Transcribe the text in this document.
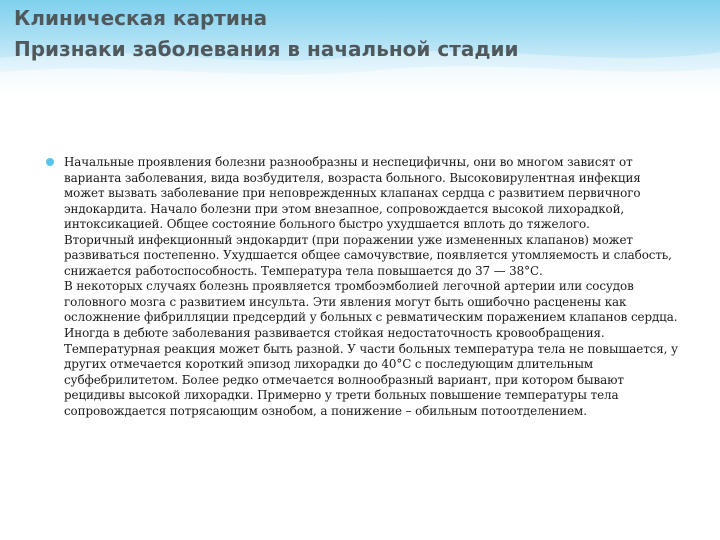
Клиническая картина
Признаки заболевания в начальной стадии

Начальные проявления болезни разнообразны и неспецифичны, они во многом зависят от варианта заболевания, вида возбудителя, возраста больного. Высоковирулентная инфекция может вызвать заболевание при неповрежденных клапанах сердца с развитием первичного эндокардита. Начало болезни при этом внезапное, сопровождается высокой лихорадкой, интоксикацией. Общее состояние больного быстро ухудшается вплоть до тяжелого.

Вторичный инфекционный эндокардит (при поражении уже измененных клапанов) может развиваться постепенно. Ухудшается общее самочувствие, появляется утомляемость и слабость, снижается работоспособность. Температура тела повышается до 37 — 38°С.

В некоторых случаях болезнь проявляется тромбоэмболией легочной артерии или сосудов головного мозга с развитием инсульта. Эти явления могут быть ошибочно расценены как осложнение фибрилляции предсердий у больных с ревматическим поражением клапанов сердца.

Иногда в дебюте заболевания развивается стойкая недостаточность кровообращения.

Температурная реакция может быть разной. У части больных температура тела не повышается, у других отмечается короткий эпизод лихорадки до 40°С с последующим длительным субфебрилитетом. Более редко отмечается волнообразный вариант, при котором бывают рецидивы высокой лихорадки. Примерно у трети больных повышение температуры тела сопровождается потрясающим ознобом, а понижение – обильным потоотделением.
